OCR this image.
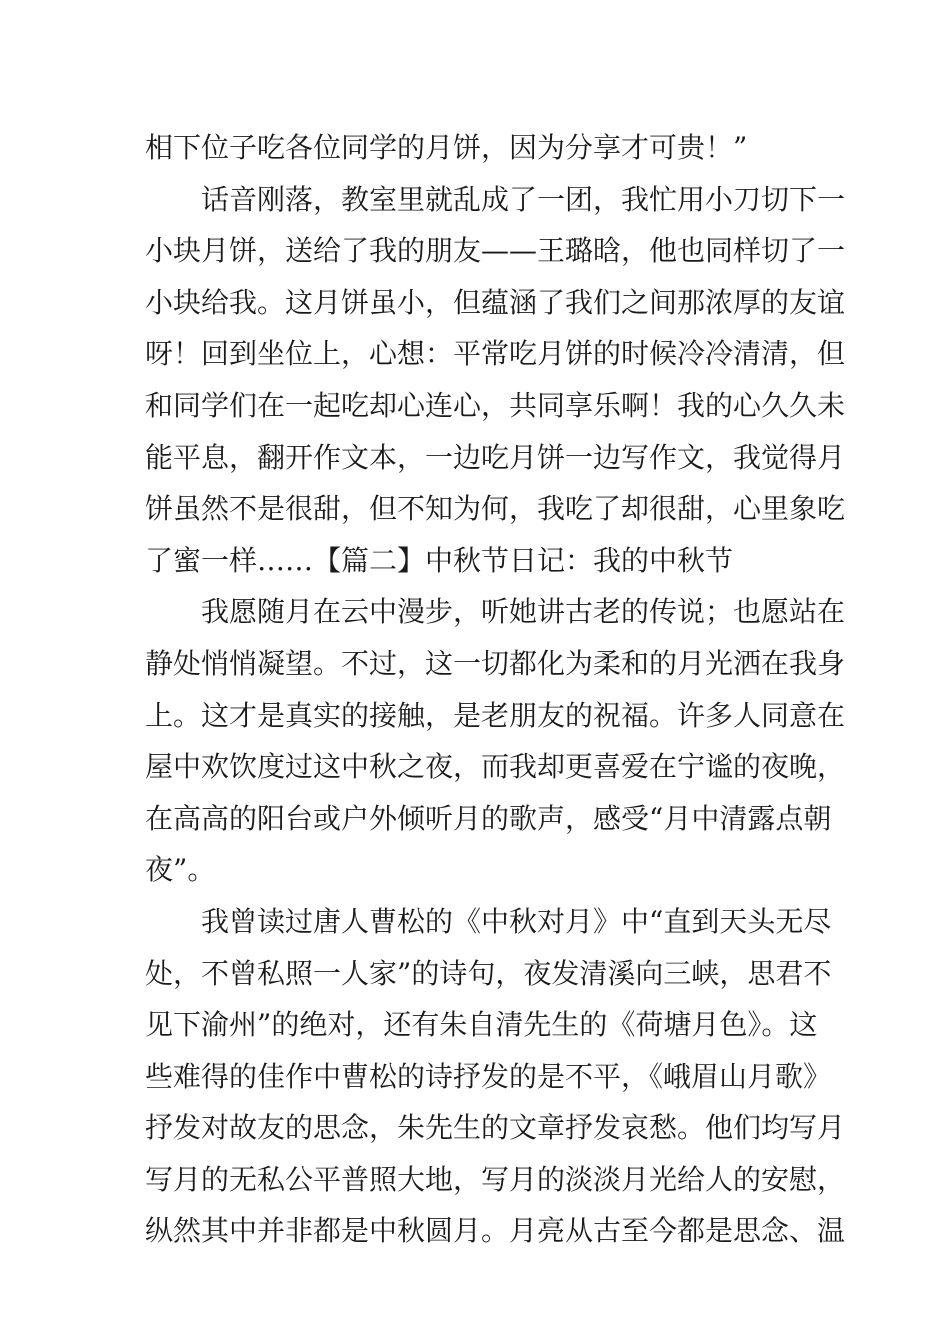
相下位子吃各位同学的月饼，因为分享才可贵！”
话音刚落，教室里就乱成了一团，我忙用小刀切下一
小块月饼，送给了我的朋友——王璐晗，他也同样切了一
小块给我。这月饼虽小，但蕴涵了我们之间那浓厚的友谊
呀！回到坐位上，心想：平常吃月饼的时候冷冷清清，但
和同学们在一起吃却心连心，共同享乐啊！我的心久久未
能平息，翻开作文本，一边吃月饼一边写作文，我觉得月
饼虽然不是很甜，但不知为何，我吃了却很甜，心里象吃
了蜜一样……【篇二】中秋节日记：我的中秋节
我愿随月在云中漫步，听她讲古老的传说；也愿站在
静处悄悄凝望。不过，这一切都化为柔和的月光洒在我身
上。这才是真实的接触，是老朋友的祝福。许多人同意在
屋中欢饮度过这中秋之夜，而我却更喜爱在宁谧的夜晚，
在高高的阳台或户外倾听月的歌声，感受“月中清露点朝
夜”。
我曾读过唐人曹松的《中秋对月》中“直到天头无尽
处，不曾私照一人家”的诗句，夜发清溪向三峡，思君不
见下渝州”的绝对，还有朱自清先生的《荷塘月色》。这
些难得的佳作中曹松的诗抒发的是不平，《峨眉山月歌》
抒发对故友的思念，朱先生的文章抒发哀愁。他们均写月
写月的无私公平普照大地，写月的淡淡月光给人的安慰，
纵然其中并非都是中秋圆月。月亮从古至今都是思念、温
